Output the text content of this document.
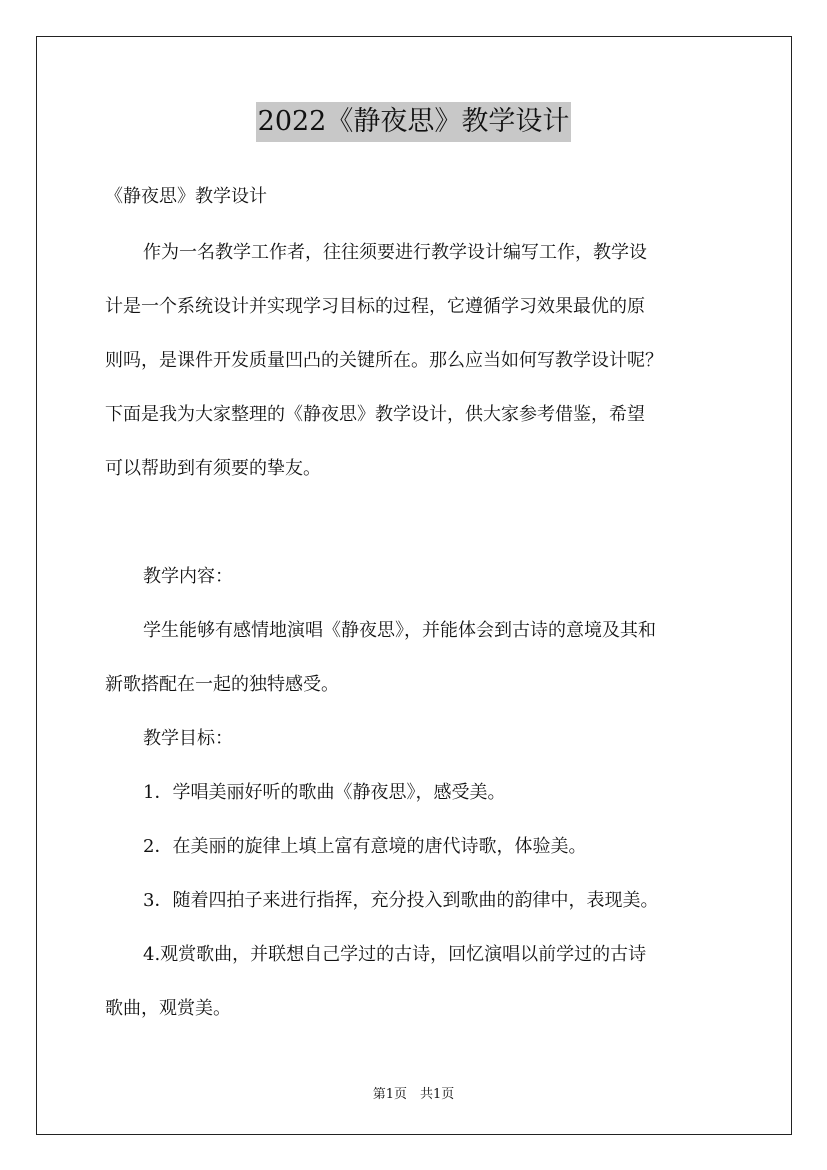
2022《静夜思》教学设计
《静夜思》教学设计
作为一名教学工作者，往往须要进行教学设计编写工作，教学设
计是一个系统设计并实现学习目标的过程，它遵循学习效果最优的原
则吗，是课件开发质量凹凸的关键所在。那么应当如何写教学设计呢？
下面是我为大家整理的《静夜思》教学设计，供大家参考借鉴，希望
可以帮助到有须要的挚友。
教学内容：
学生能够有感情地演唱《静夜思》，并能体会到古诗的意境及其和
新歌搭配在一起的独特感受。
教学目标：
1．学唱美丽好听的歌曲《静夜思》，感受美。
2．在美丽的旋律上填上富有意境的唐代诗歌，体验美。
3．随着四拍子来进行指挥，充分投入到歌曲的韵律中，表现美。
4.观赏歌曲，并联想自己学过的古诗，回忆演唱以前学过的古诗
歌曲，观赏美。
第1页　共1页
